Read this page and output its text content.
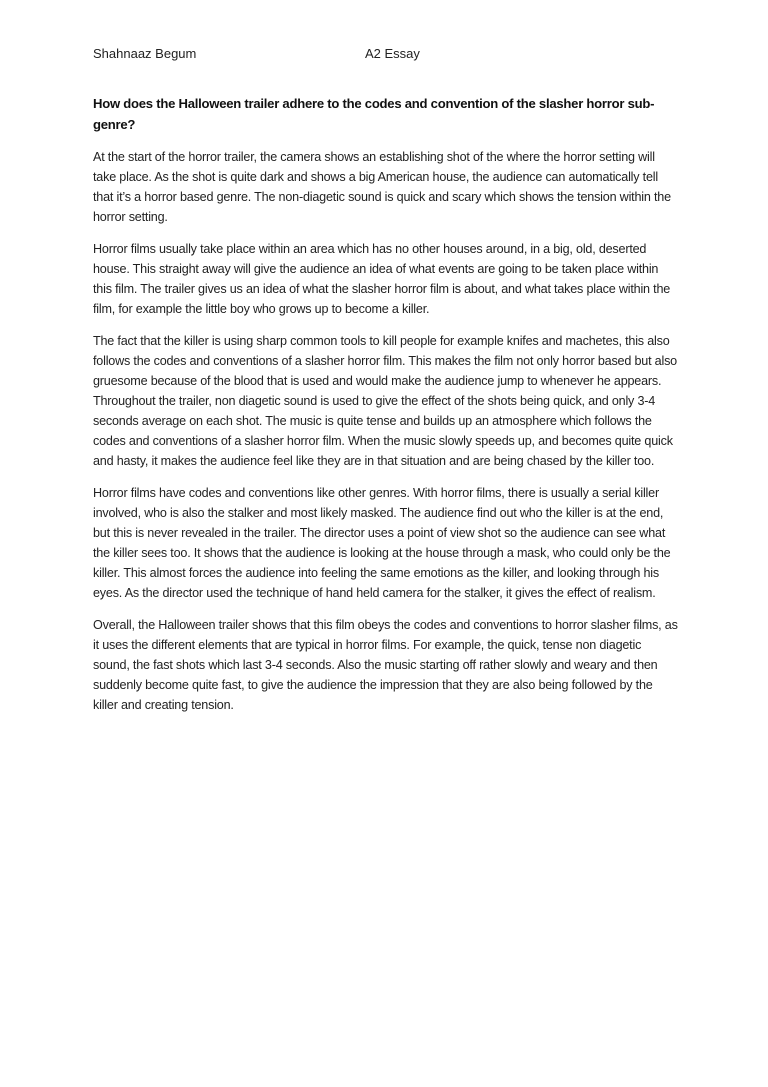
Shahnaaz Begum	A2 Essay

How does the Halloween trailer adhere to the codes and convention of the slasher horror sub-genre?

At the start of the horror trailer, the camera shows an establishing shot of the where the horror setting will take place. As the shot is quite dark and shows a big American house, the audience can automatically tell that it’s a horror based genre. The non-diagetic sound is quick and scary which shows the tension within the horror setting.

Horror films usually take place within an area which has no other houses around, in a big, old, deserted house. This straight away will give the audience an idea of what events are going to be taken place within this film. The trailer gives us an idea of what the slasher horror film is about, and what takes place within the film, for example the little boy who grows up to become a killer.

The fact that the killer is using sharp common tools to kill people for example knifes and machetes, this also follows the codes and conventions of a slasher horror film. This makes the film not only horror based but also gruesome because of the blood that is used and would make the audience jump to whenever he appears. Throughout the trailer, non diagetic sound is used to give the effect of the shots being quick, and only 3-4 seconds average on each shot. The music is quite tense and builds up an atmosphere which follows the codes and conventions of a slasher horror film. When the music slowly speeds up, and becomes quite quick and hasty, it makes the audience feel like they are in that situation and are being chased by the killer too.

Horror films have codes and conventions like other genres. With horror films, there is usually a serial killer involved, who is also the stalker and most likely masked. The audience find out who the killer is at the end, but this is never revealed in the trailer. The director uses a point of view shot so the audience can see what the killer sees too. It shows that the audience is looking at the house through a mask, who could only be the killer. This almost forces the audience into feeling the same emotions as the killer, and looking through his eyes. As the director used the technique of hand held camera for the stalker, it gives the effect of realism.

Overall, the Halloween trailer shows that this film obeys the codes and conventions to horror slasher films, as it uses the different elements that are typical in horror films. For example, the quick, tense non diagetic sound, the fast shots which last 3-4 seconds. Also the music starting off rather slowly and weary and then suddenly become quite fast, to give the audience the impression that they are also being followed by the killer and creating tension.
